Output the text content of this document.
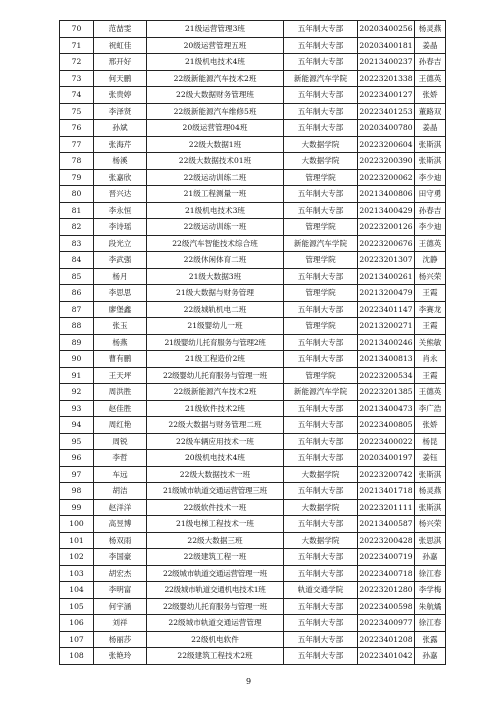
70	范喆雯	21级运营管理3班	五年制大专部	20203400256	杨灵燕
71	祝虹佳	20级运营管理五班	五年制大专部	20203400181	姜晶
72	邢开好	21级机电技术4班	五年制大专部	20213400237	孙春吉
73	何天鹏	22级新能源汽车技术2班	新能源汽车学院	20223201338	王德英
74	张贵婷	22级大数据财务管理班	五年制大专部	20223400127	张娇
75	李泽贤	22级新能源汽车维修5班	五年制大专部	20223401253	董路双
76	孙斌	20级运营管理04班	五年制大专部	20203400780	姜晶
77	张海芹	22级大数据1班	大数据学院	20223200604	张斯淇
78	杨溪	22级大数据技术01班	大数据学院	20223200390	张斯淇
79	张嘉欣	22级运动训练二班	管理学院	20223200062	李少迪
80	晋兴达	21级工程测量一班	五年制大专部	20213400806	田守勇
81	李永恒	21级机电技术3班	五年制大专部	20213400429	孙春吉
82	李诗瑶	22级运动训练一班	管理学院	20223200126	李少迪
83	段光立	22级汽车智能技术综合班	新能源汽车学院	20223200676	王德英
84	李武强	22级休闲体育二班	管理学院	20223201307	沈静
85	杨月	21级大数据3班	五年制大专部	20213400261	杨兴荣
86	李思思	21级大数据与财务管理	管理学院	20213200479	王霞
87	廖堡鑫	22级城轨机电二班	五年制大专部	20223401147	李赛龙
88	张玉	21级婴幼儿一班	管理学院	20213200271	王霞
89	杨燕	21级婴幼儿托育服务与管理2班	五年制大专部	20213400246	关熊敏
90	曹有鹏	21级工程造价2班	五年制大专部	20213400813	肖永
91	王天坪	22级婴幼儿托育服务与管理一班	管理学院	20223200534	王霞
92	周洪胜	22级新能源汽车技术2班	新能源汽车学院	20223201385	王德英
93	赵佳胜	21级软件技术2班	五年制大专部	20213400473	李广浩
94	周红艳	22级大数据与财务管理二班	五年制大专部	20223400805	张娇
95	周锐	22级车辆应用技术一班	五年制大专部	20223400022	杨昆
96	李哲	20级机电技术4班	五年制大专部	20203400197	姜钰
97	车远	22级大数据技术一班	大数据学院	20223200742	张斯淇
98	胡洁	21级城市轨道交通运营管理三班	五年制大专部	20213401718	杨灵燕
99	赵洋洋	22级软件技术一班	大数据学院	20223201111	张斯淇
100	高昱博	21级电梯工程技术一班	五年制大专部	20213400587	杨兴荣
101	杨双雨	22级大数据三班	大数据学院	20223200428	张思淇
102	李国豪	22级建筑工程一班	五年制大专部	20223400719	孙嘉
103	胡宏杰	22级城市轨道交通运营管理一班	五年制大专部	20223400718	徐江春
104	李明富	22级城市轨道交通机电技术1班	轨道交通学院	20223201280	李学梅
105	何宇涵	22级婴幼儿托育服务与管理一班	五年制大专部	20223400598	朱航燏
106	刘祥	22级城市轨道交通运营管理	五年制大专部	20223400977	徐江春
107	杨丽莎	22级机电软件	五年制大专部	20223401208	张露
108	张艳玲	22级建筑工程技术2班	五年制大专部	20223401042	孙嘉
9
